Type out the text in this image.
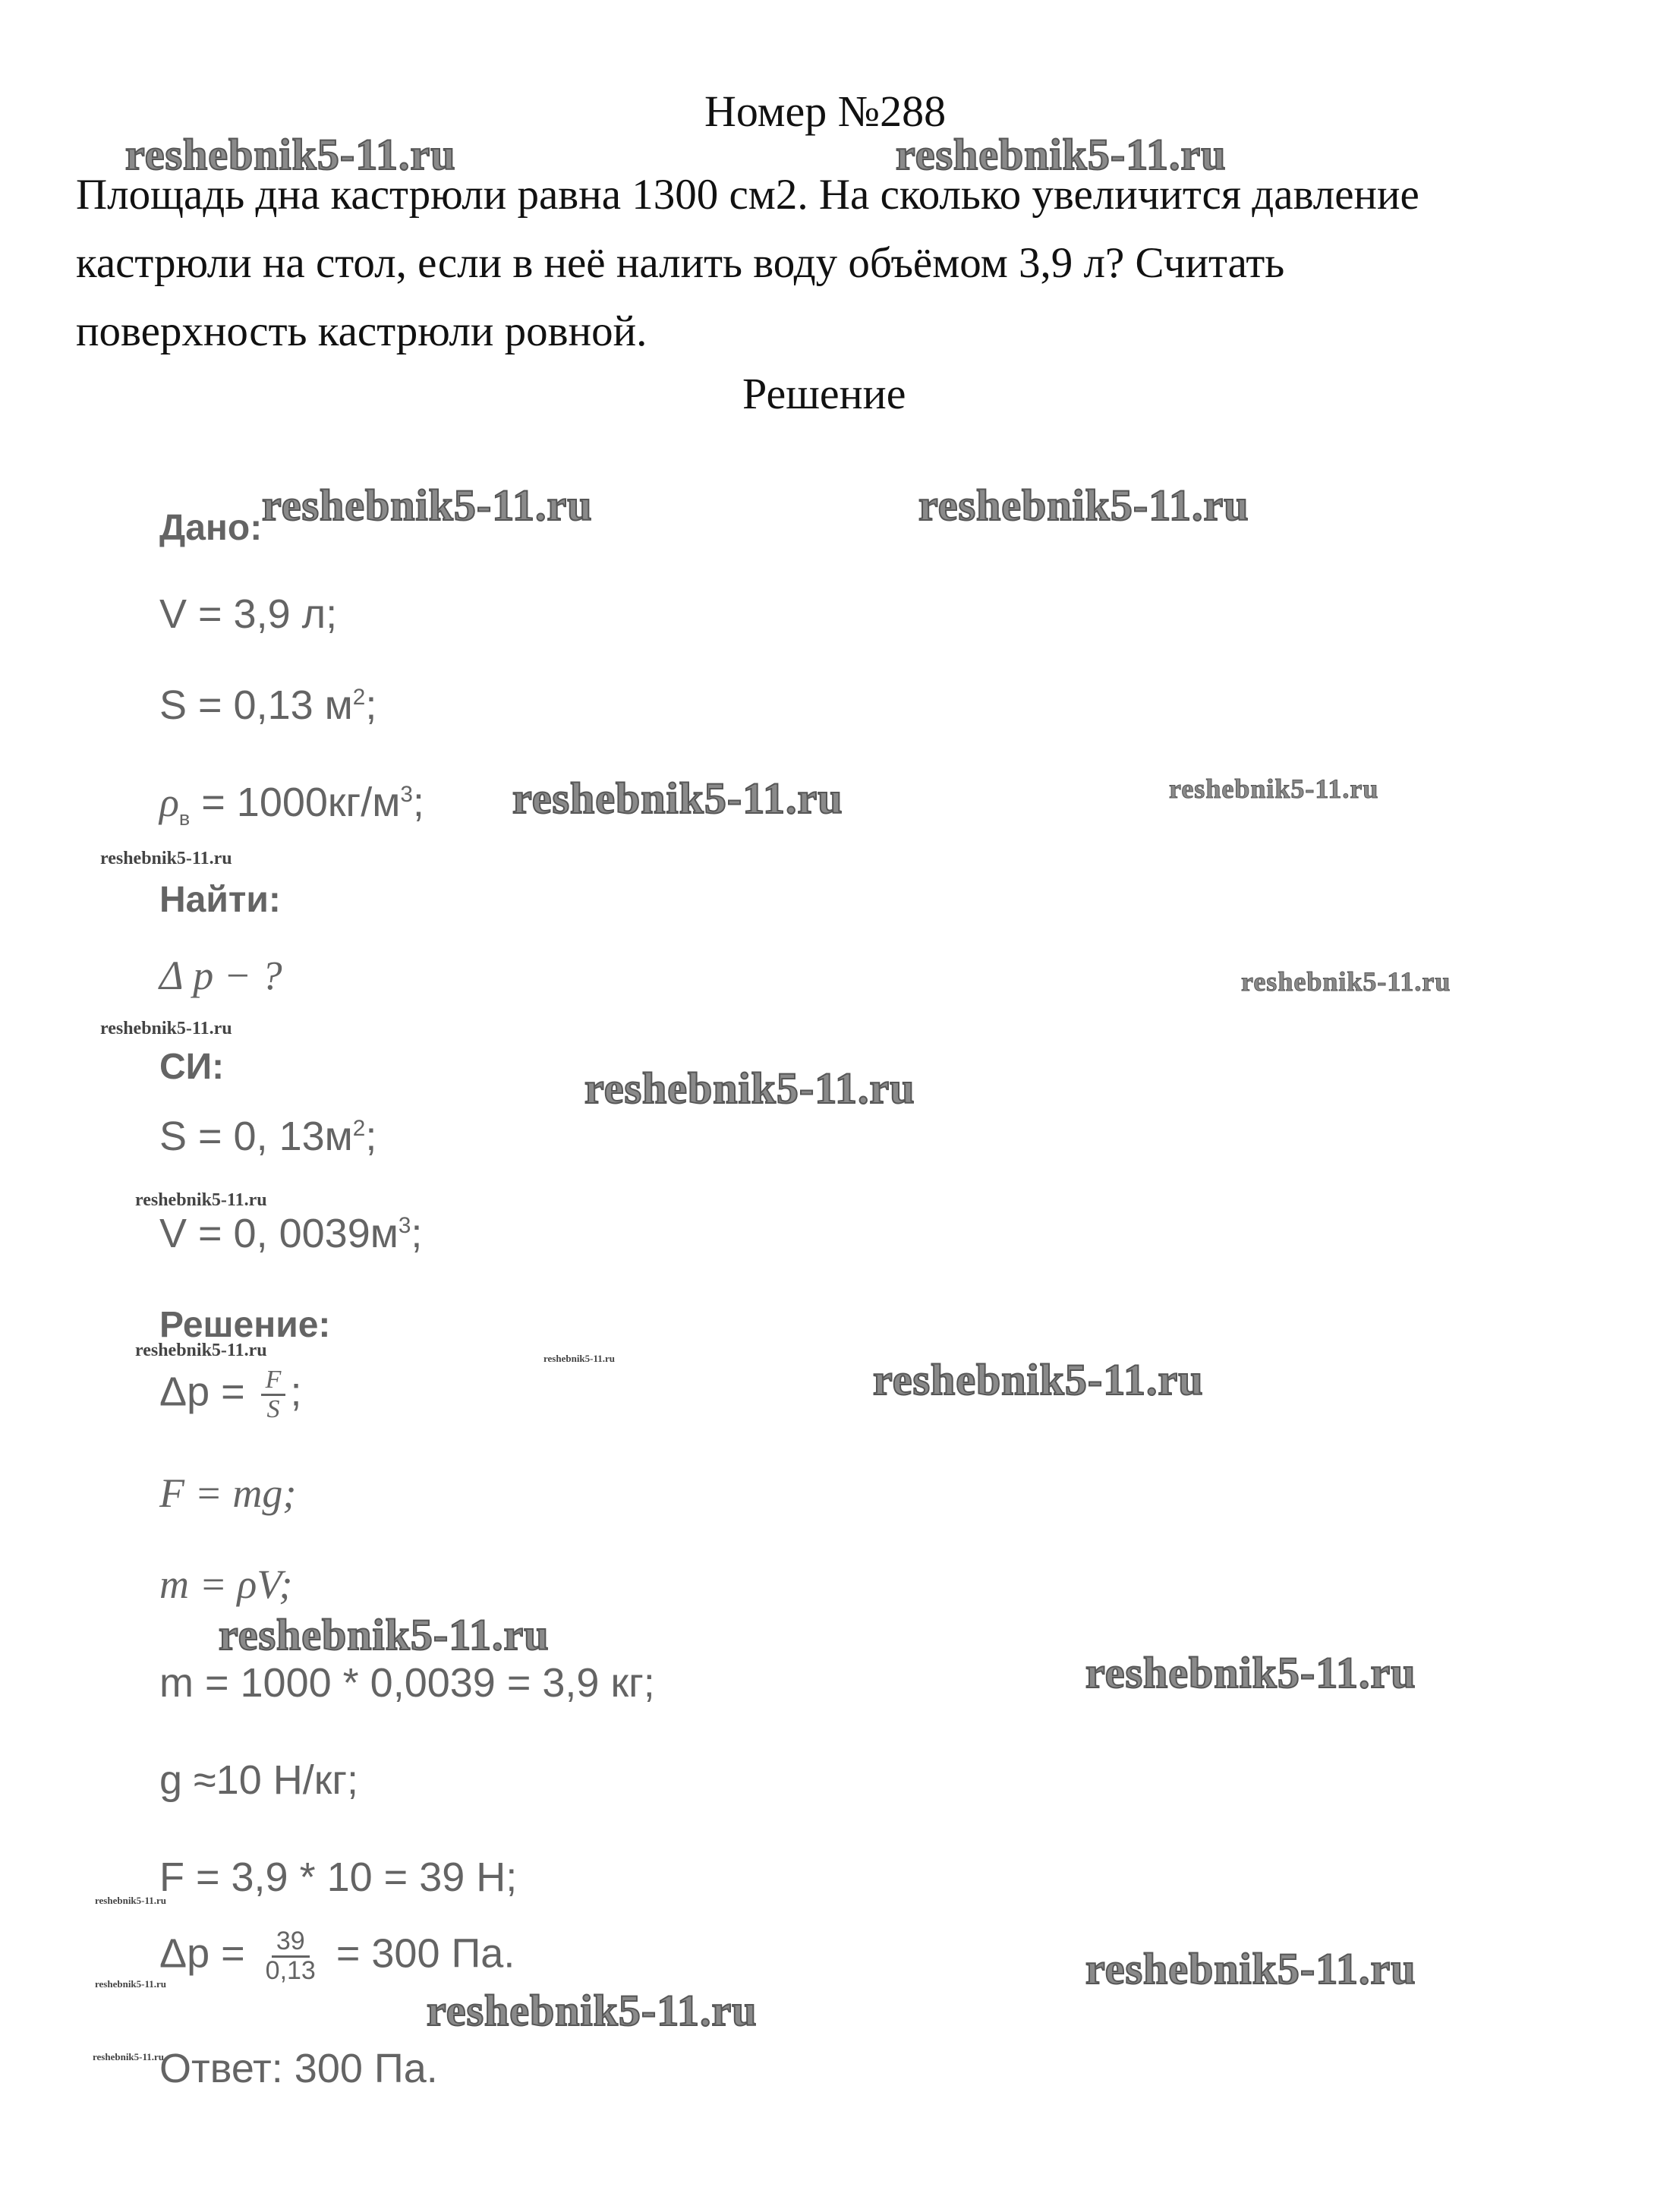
Номер №288
Площадь дна кастрюли равна 1300 см2. На сколько увеличится давление
кастрюли на стол, если в неё налить воду объёмом 3,9 л? Считать
поверхность кастрюли ровной.
Решение
Дано:
V = 3,9 л;
S = 0,13 $м^2$;
$\rho_в = 1000кг/м^3$;
Найти:
Δ p − ?
СИ:
S = 0, $13м^2$;
V = 0, $0039м^3$;
Решение:
$\Delta p = \frac{F}{S}$ ;
F = mg;
m = ρV;
m = 1000 * 0,0039 = 3,9 кг;
g ≈10 Н/кг;
F = 3,9 * 10 = 39 Н;
$\Delta p = \frac{39}{0,13} = 300$ Па.
Ответ: 300 Па.
reshebnik5-11.ru	reshebnik5-11.ru
reshebnik5-11.ru	reshebnik5-11.ru
reshebnik5-11.ru	reshebnik5-11.ru
reshebnik5-11.ru
reshebnik5-11.ru
reshebnik5-11.ru
reshebnik5-11.ru
reshebnik5-11.ru
reshebnik5-11.ru	reshebnik5-11.ru	reshebnik5-11.ru
reshebnik5-11.ru
reshebnik5-11.ru
reshebnik5-11.ru
reshebnik5-11.ru
reshebnik5-11.ru
reshebnik5-11.ru
reshebnik5-11.ru
